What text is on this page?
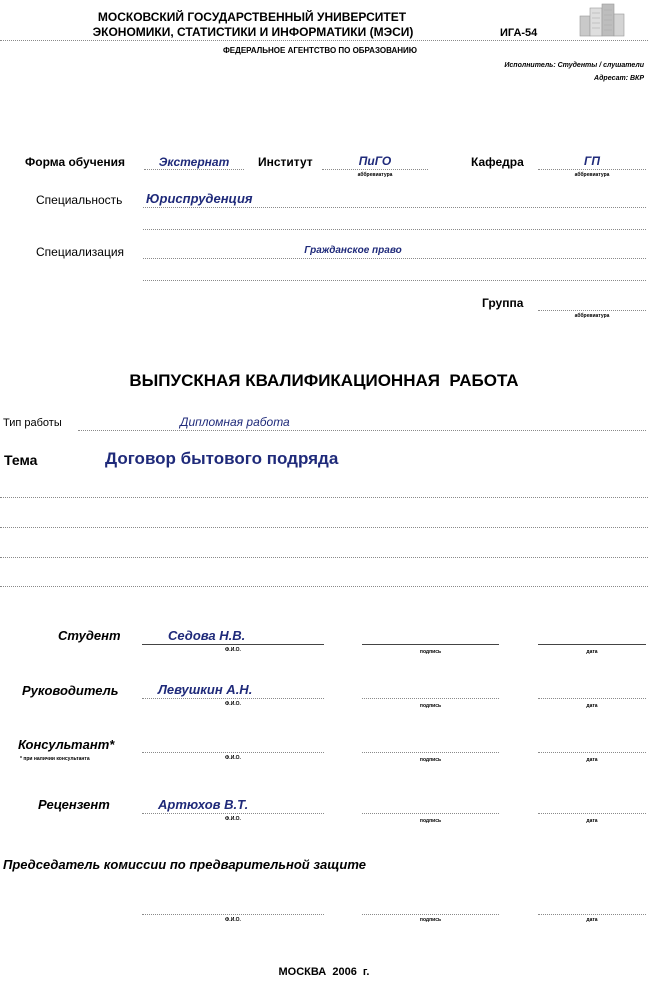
МОСКОВСКИЙ ГОСУДАРСТВЕННЫЙ УНИВЕРСИТЕТ
ЭКОНОМИКИ, СТАТИСТИКИ И ИНФОРМАТИКИ (МЭСИ)	ИГА-54
ФЕДЕРАЛЬНОЕ АГЕНТСТВО ПО ОБРАЗОВАНИЮ
Исполнитель: Студенты / слушатели
Адресат: ВКР
Форма обучения	Экстернат	Институт	ПиГО
аббревиатура
Кафедра	ГП
аббревиатура
Специальность Юриспруденция
Специализация	Гражданское право
Группа
аббревиатура
ВЫПУСКНАЯ КВАЛИФИКАЦИОННАЯ  РАБОТА
Тип работы	Дипломная работа
Тема	Договор бытового подряда
Студент	Седова Н.В.
Ф.И.О.	подпись	дата
Руководитель	Левушкин А.Н.
Ф.И.О.	подпись	дата
Консультант*
* при наличии консультанта	Ф.И.О.	подпись	дата
Рецензент	Артюхов В.Т.
Ф.И.О.	подпись	дата
Председатель комиссии по предварительной защите
Ф.И.О.	подпись	дата
МОСКВА  2006  г.
